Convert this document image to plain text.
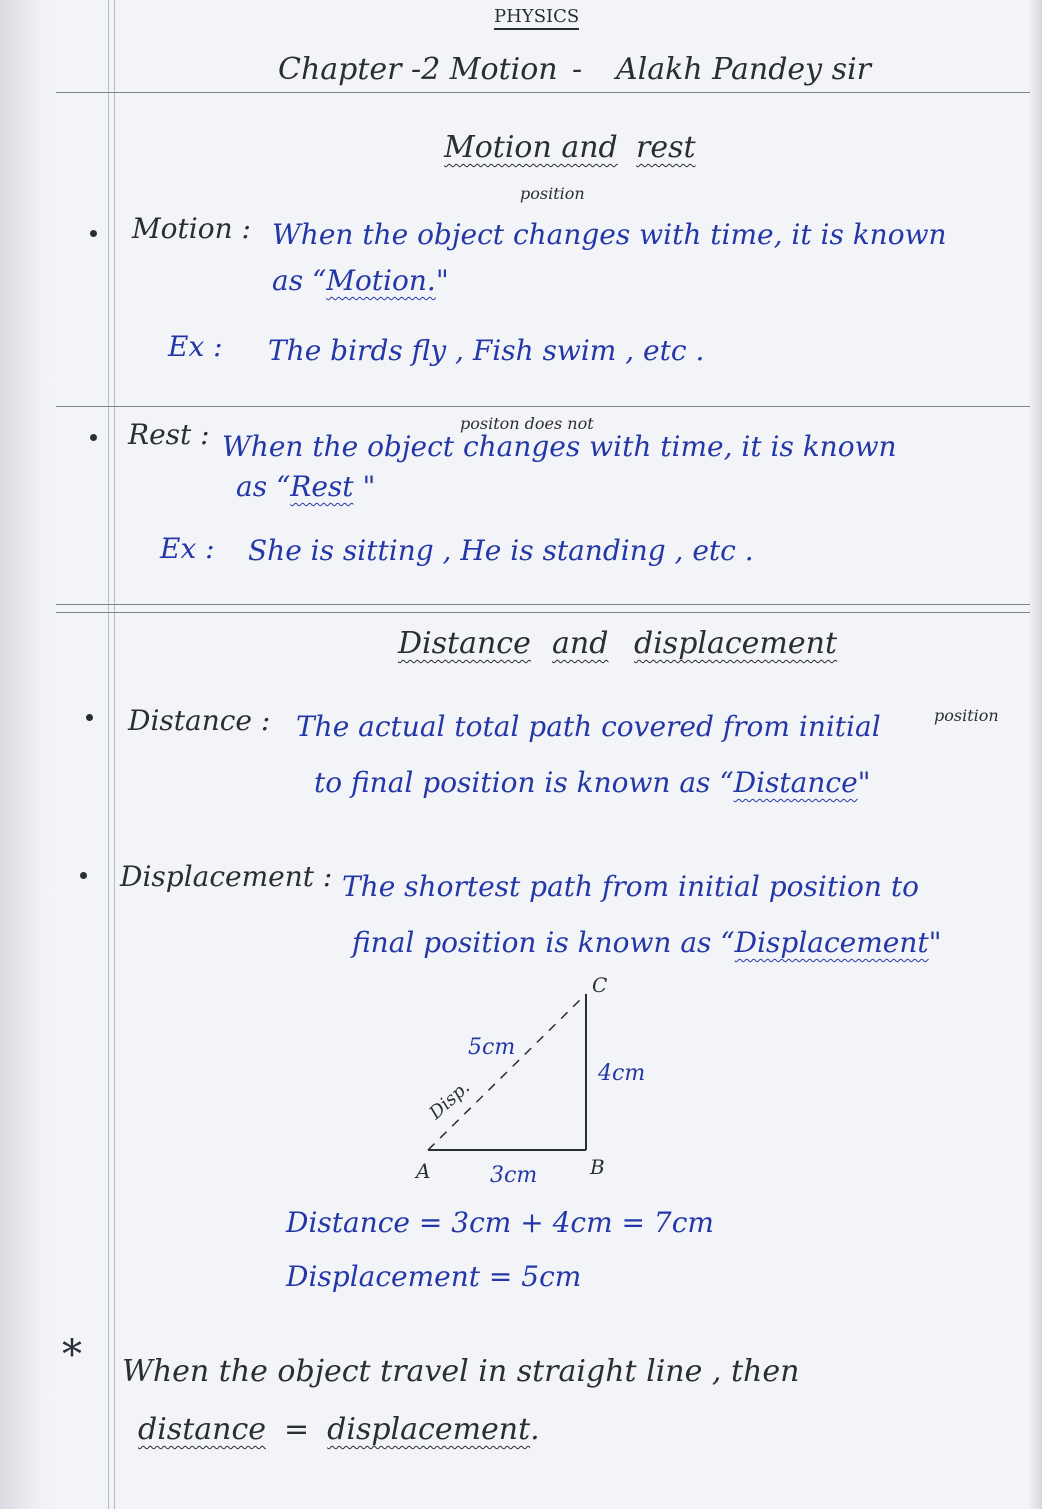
PHYSICS
Chapter -2 Motion - Alakh Pandey sir
Motion and rest
position
Motion : When the object changes with time, it is known
as “Motion."
Ex : The birds fly , Fish swim , etc .
positon does not
Rest : When the object changes with time, it is known
as “Rest "
Ex : She is sitting , He is standing , etc .
Distance and displacement
Distance : The actual total path covered from initial	position
to final position is known as “Distance"
Displacement : The shortest path from initial position to
final position is known as “Displacement"
A	B
C
3cm
4cm
5cm
Disp.
Distance = 3cm + 4cm = 7cm
Displacement = 5cm
* When the object travel in straight line , then
distance = displacement.
